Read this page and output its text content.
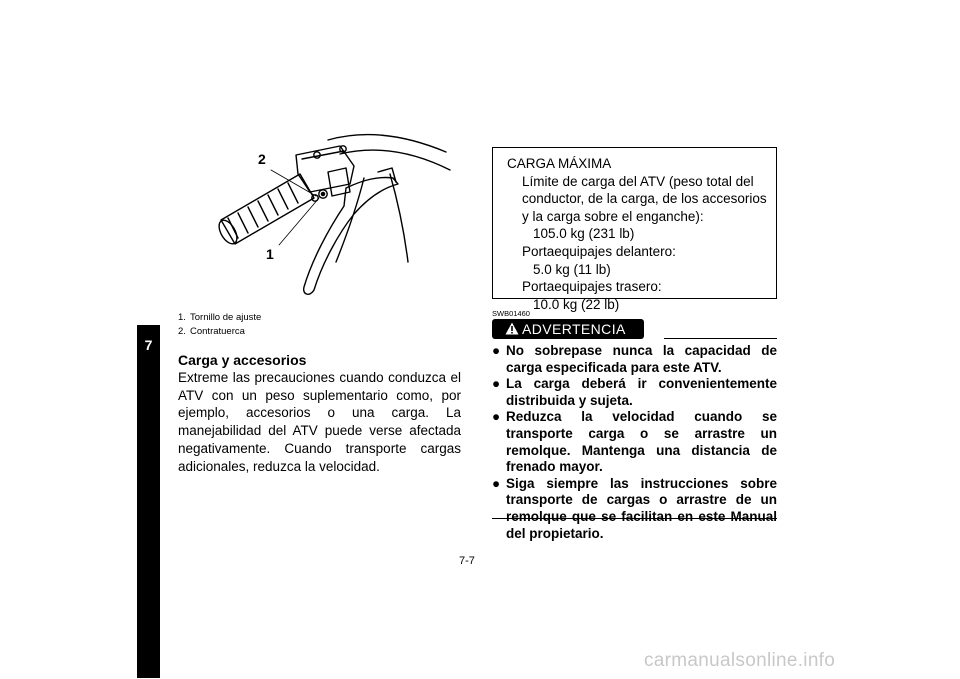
7
2
1
1. Tornillo de ajuste
2. Contratuerca
Carga y accesorios
Extreme las precauciones cuando conduzca el ATV con un peso suplementario como, por ejemplo, accesorios o una carga. La manejabilidad del ATV puede verse afectada negativamente. Cuando transporte cargas adicionales, reduzca la velocidad.
CARGA MÁXIMA
Límite de carga del ATV (peso total del conductor, de la carga, de los accesorios y la carga sobre el enganche):
105.0 kg (231 lb)
Portaequipajes delantero:
5.0 kg (11 lb)
Portaequipajes trasero:
10.0 kg (22 lb)
SWB01460
ADVERTENCIA
● No sobrepase nunca la capacidad de carga especificada para este ATV.
● La carga deberá ir convenientemente distribuida y sujeta.
● Reduzca la velocidad cuando se transporte carga o se arrastre un remolque. Mantenga una distancia de frenado mayor.
● Siga siempre las instrucciones sobre transporte de cargas o arrastre de un remolque que se facilitan en este Manual del propietario.
7-7
carmanualsonline.info
